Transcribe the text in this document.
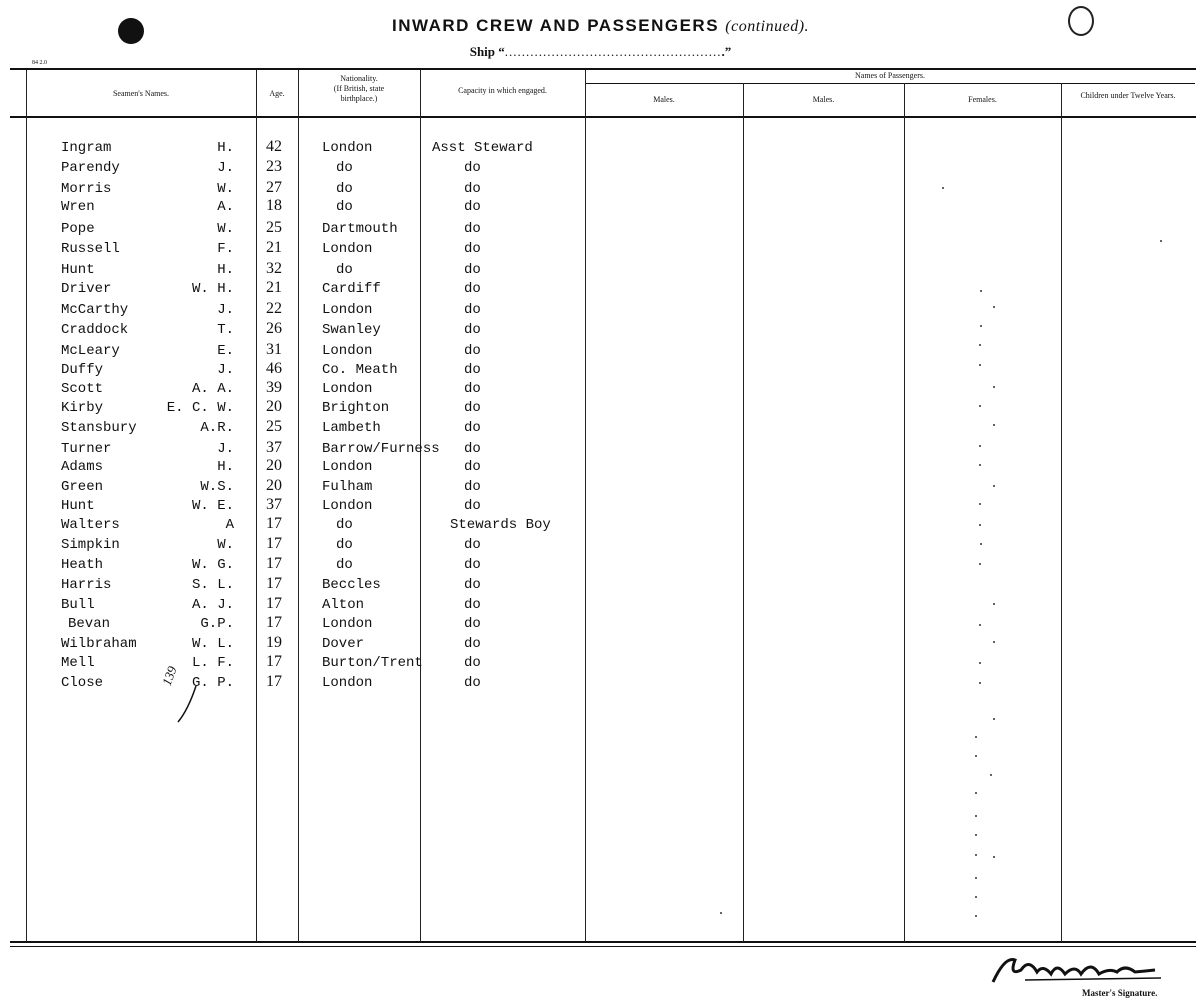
INWARD CREW AND PASSENGERS (continued).
Ship “....................................................”
84 2.0
Seamen's Names.	Age.
Nationality.
(If British, state
birthplace.)
Capacity in which engaged.
Names of Passengers.
Males.	Males.	Females.	Children under Twelve Years.
Ingram	H. 42	London	Asst Steward
Parendy	J. 23	do	do
Morris	W. 27	do	do
Wren	A. 18	do	do
Pope	W. 25	Dartmouth	do
Russell	F. 21	London	do
Hunt	H. 32	do	do
Driver	W. H. 21	Cardiff	do
McCarthy	J. 22	London	do
Craddock	T. 26	Swanley	do
McLeary	E. 31	London	do
Duffy	J. 46	Co. Meath	do
Scott	A. A. 39	London	do
Kirby	E. C. W. 20	Brighton	do
Stansbury	A.R. 25	Lambeth	do
Turner	J. 37	Barrow/Furness do
Adams	H. 20	London	do
Green	W.S. 20	Fulham	do
Hunt	W. E. 37	London	do
Walters	A 17	do	Stewards Boy
Simpkin	W. 17	do	do
Heath	W. G. 17	do	do
Harris	S. L. 17	Beccles	do
Bull	A. J. 17	Alton	do
Bevan	G.P. 17	London	do
Wilbraham	W. L. 19	Dover	do
Mell	L. F. 17	Burton/Trent	do
Close	G. P. 17	London	do
139
Master's Signature.
